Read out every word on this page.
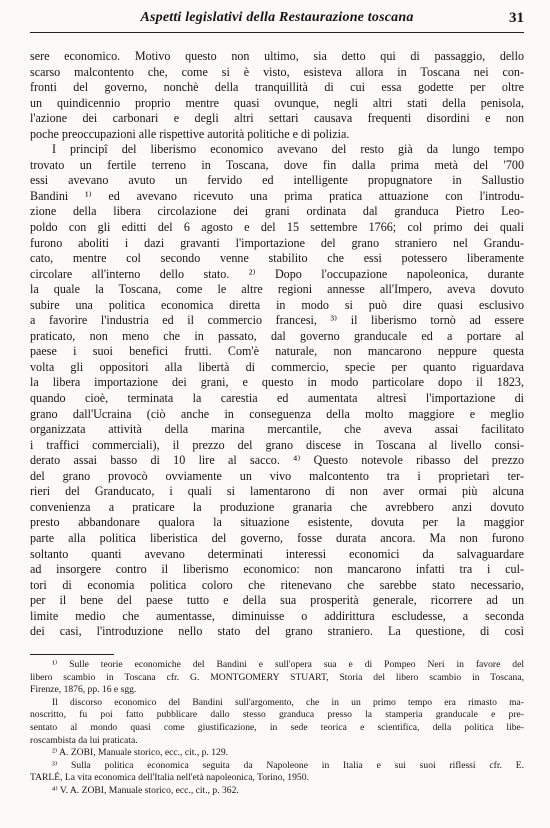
Aspetti legislativi della Restaurazione toscana	31
sere economico. Motivo questo non ultimo, sia detto qui di passaggio, dello
scarso malcontento che, come si è visto, esisteva allora in Toscana nei con-
fronti del governo, nonchè della tranquillità di cui essa godette per oltre
un quindicennio proprio mentre quasi ovunque, negli altri stati della penisola,
l'azione dei carbonari e degli altri settari causava frequenti disordini e non
poche preoccupazioni alle rispettive autorità politiche e di polizia.
I principî del liberismo economico avevano del resto già da lungo tempo
trovato un fertile terreno in Toscana, dove fin dalla prima metà del '700
essi avevano avuto un fervido ed intelligente propugnatore in Sallustio
Bandini ¹⁾ ed avevano ricevuto una prima pratica attuazione con l'introdu-
zione della libera circolazione dei grani ordinata dal granduca Pietro Leo-
poldo con gli editti del 6 agosto e del 15 settembre 1766; col primo dei quali
furono aboliti i dazi gravanti l'importazione del grano straniero nel Grandu-
cato, mentre col secondo venne stabilito che essi potessero liberamente
circolare all'interno dello stato. ²⁾ Dopo l'occupazione napoleonica, durante
la quale la Toscana, come le altre regioni annesse all'Impero, aveva dovuto
subire una politica economica diretta in modo si può dire quasi esclusivo
a favorire l'industria ed il commercio francesi, ³⁾ il liberismo tornò ad essere
praticato, non meno che in passato, dal governo granducale ed a portare al
paese i suoi benefici frutti. Com'è naturale, non mancarono neppure questa
volta gli oppositori alla libertà di commercio, specie per quanto riguardava
la libera importazione dei grani, e questo in modo particolare dopo il 1823,
quando cioè, terminata la carestia ed aumentata altresì l'importazione di
grano dall'Ucraina (ciò anche in conseguenza della molto maggiore e meglio
organizzata attività della marina mercantile, che aveva assai facilitato
i traffici commerciali), il prezzo del grano discese in Toscana al livello consi-
derato assai basso di 10 lire al sacco. ⁴⁾ Questo notevole ribasso del prezzo
del grano provocò ovviamente un vivo malcontento tra i proprietari ter-
rieri del Granducato, i quali si lamentarono di non aver ormai più alcuna
convenienza a praticare la produzione granaria che avrebbero anzi dovuto
presto abbandonare qualora la situazione esistente, dovuta per la maggior
parte alla politica liberistica del governo, fosse durata ancora. Ma non furono
soltanto quanti avevano determinati interessi economici da salvaguardare
ad insorgere contro il liberismo economico: non mancarono infatti tra i cul-
tori di economia politica coloro che ritenevano che sarebbe stato necessario,
per il bene del paese tutto e della sua prosperità generale, ricorrere ad un
limite medio che aumentasse, diminuisse o addirittura escludesse, a seconda
dei casi, l'introduzione nello stato del grano straniero. La questione, di così
¹⁾ Sulle teorie economiche del Bandini e sull'opera sua e di Pompeo Neri in favore del
libero scambio in Toscana cfr. G. MONTGOMERY STUART, Storia del libero scambio in Toscana,
Firenze, 1876, pp. 16 e sgg.
Il discorso economico del Bandini sull'argomento, che in un primo tempo era rimasto ma-
noscritto, fu poi fatto pubblicare dallo stesso granduca presso la stamperia granducale e pre-
sentato al mondo quasi come giustificazione, in sede teorica e scientifica, della politica libe-
roscambista da lui praticata.
²⁾ A. ZOBI, Manuale storico, ecc., cit., p. 129.
³⁾ Sulla politica economica seguita da Napoleone in Italia e sui suoi riflessi cfr. E.
TARLÉ, La vita economica dell'Italia nell'età napoleonica, Torino, 1950.
⁴⁾ V. A. ZOBI, Manuale storico, ecc., cit., p. 362.
